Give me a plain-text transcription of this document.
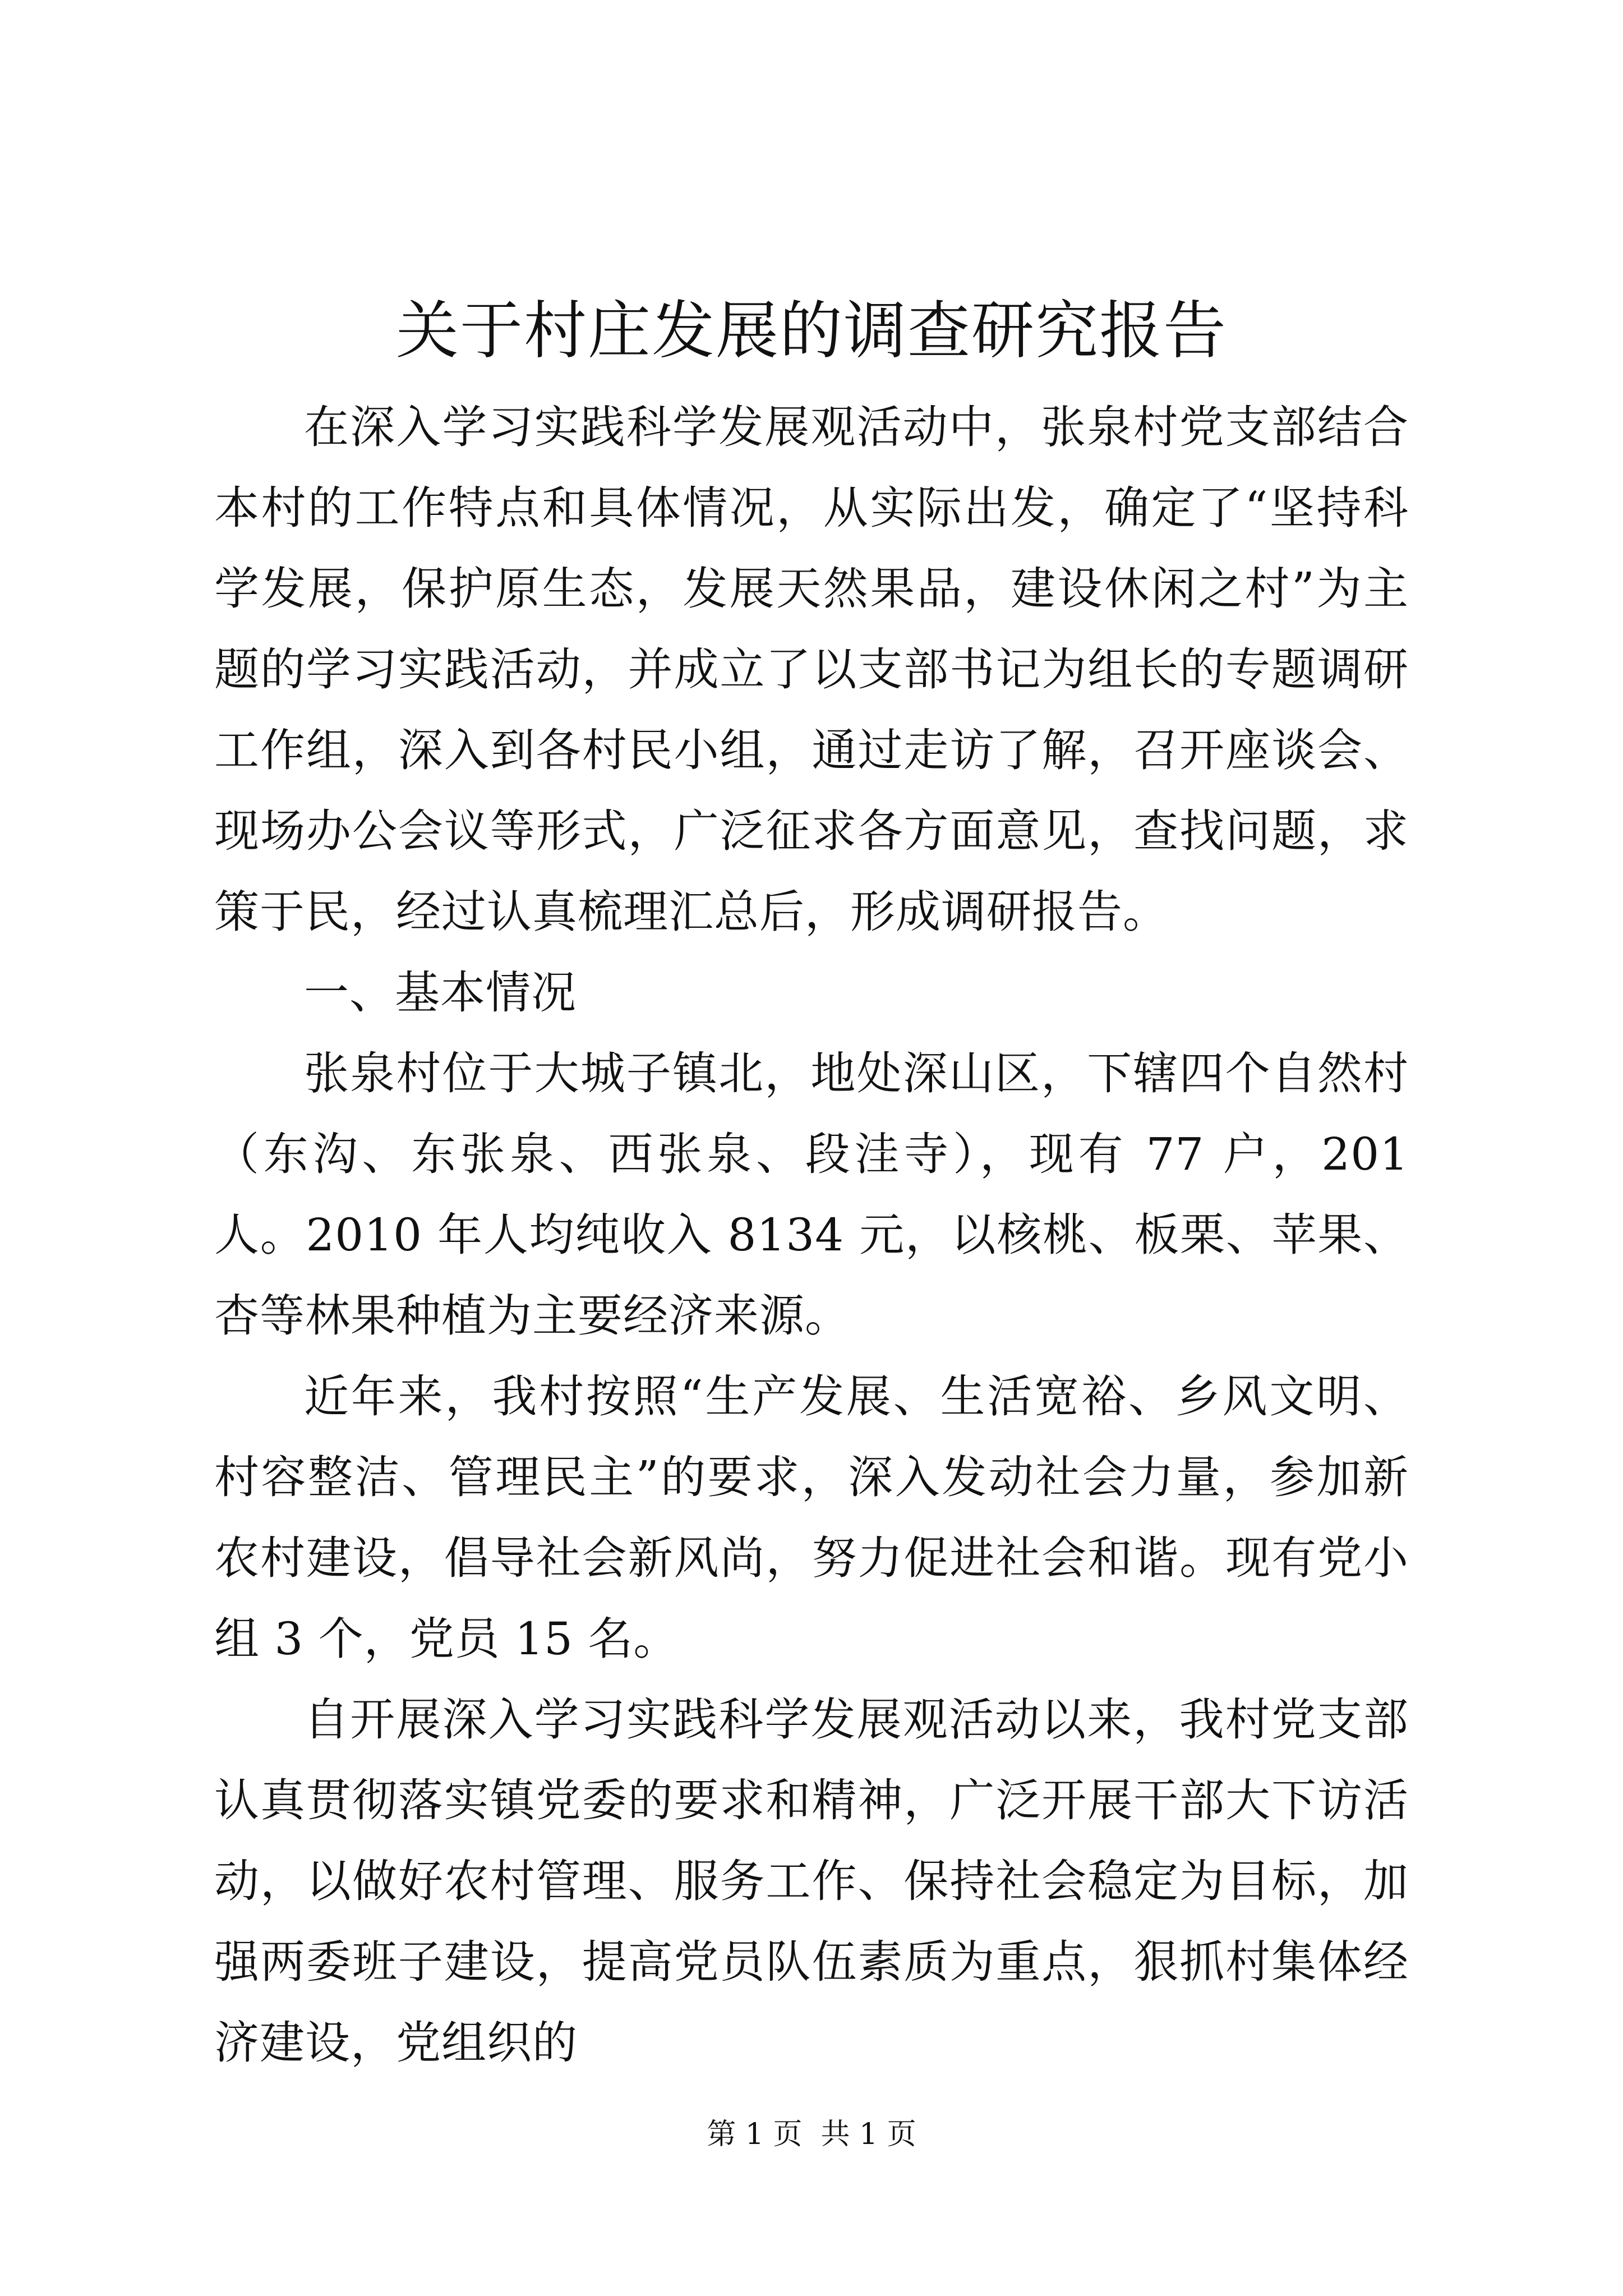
关于村庄发展的调查研究报告

在深入学习实践科学发展观活动中，张泉村党支部结合本村的工作特点和具体情况，从实际出发，确定了“坚持科学发展，保护原生态，发展天然果品，建设休闲之村”为主题的学习实践活动，并成立了以支部书记为组长的专题调研工作组，深入到各村民小组，通过走访了解，召开座谈会、现场办公会议等形式，广泛征求各方面意见，查找问题，求策于民，经过认真梳理汇总后，形成调研报告。

一、基本情况

张泉村位于大城子镇北，地处深山区，下辖四个自然村（东沟、东张泉、西张泉、段洼寺），现有 77 户，201 人。2010 年人均纯收入 8134 元，以核桃、板栗、苹果、杏等林果种植为主要经济来源。

近年来，我村按照“生产发展、生活宽裕、乡风文明、村容整洁、管理民主”的要求，深入发动社会力量，参加新农村建设，倡导社会新风尚，努力促进社会和谐。现有党小组 3 个，党员 15 名。

自开展深入学习实践科学发展观活动以来，我村党支部认真贯彻落实镇党委的要求和精神，广泛开展干部大下访活动，以做好农村管理、服务工作、保持社会稳定为目标，加强两委班子建设，提高党员队伍素质为重点，狠抓村集体经济建设，党组织的

第 1 页  共 1 页
